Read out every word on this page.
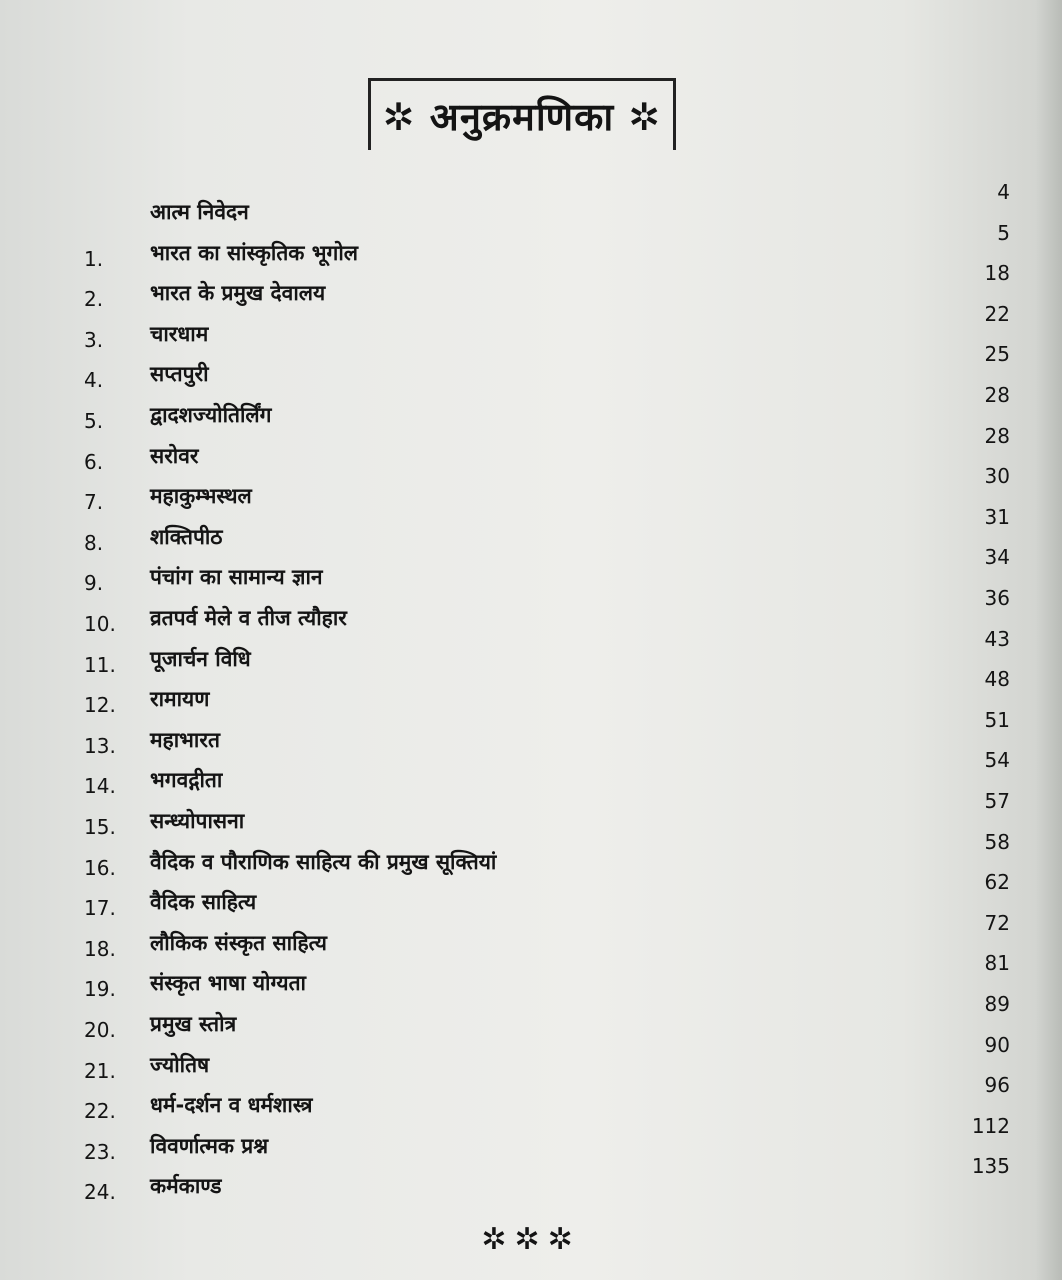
✲ अनुक्रमणिका ✲
आत्म निवेदन
4
1. भारत का सांस्कृतिक भूगोल
5
2. भारत के प्रमुख देवालय
18
3. चारधाम
22
4. सप्तपुरी
25
5. द्वादशज्योतिर्लिंग
28
6. सरोवर
28
7. महाकुम्भस्थल
30
8. शक्तिपीठ
31
9. पंचांग का सामान्य ज्ञान
34
10. व्रतपर्व मेले व तीज त्यौहार
36
11. पूजार्चन विधि
43
12. रामायण
48
13. महाभारत
51
14. भगवद्गीता
54
15. सन्ध्योपासना
57
16. वैदिक व पौराणिक साहित्य की प्रमुख सूक्तियां
58
17. वैदिक साहित्य
62
18. लौकिक संस्कृत साहित्य
72
19. संस्कृत भाषा योग्यता
81
20. प्रमुख स्तोत्र
89
21. ज्योतिष
90
22. धर्म-दर्शन व धर्मशास्त्र
96
23. विवर्णात्मक प्रश्न
112
24. कर्मकाण्ड
135
✲✲✲
